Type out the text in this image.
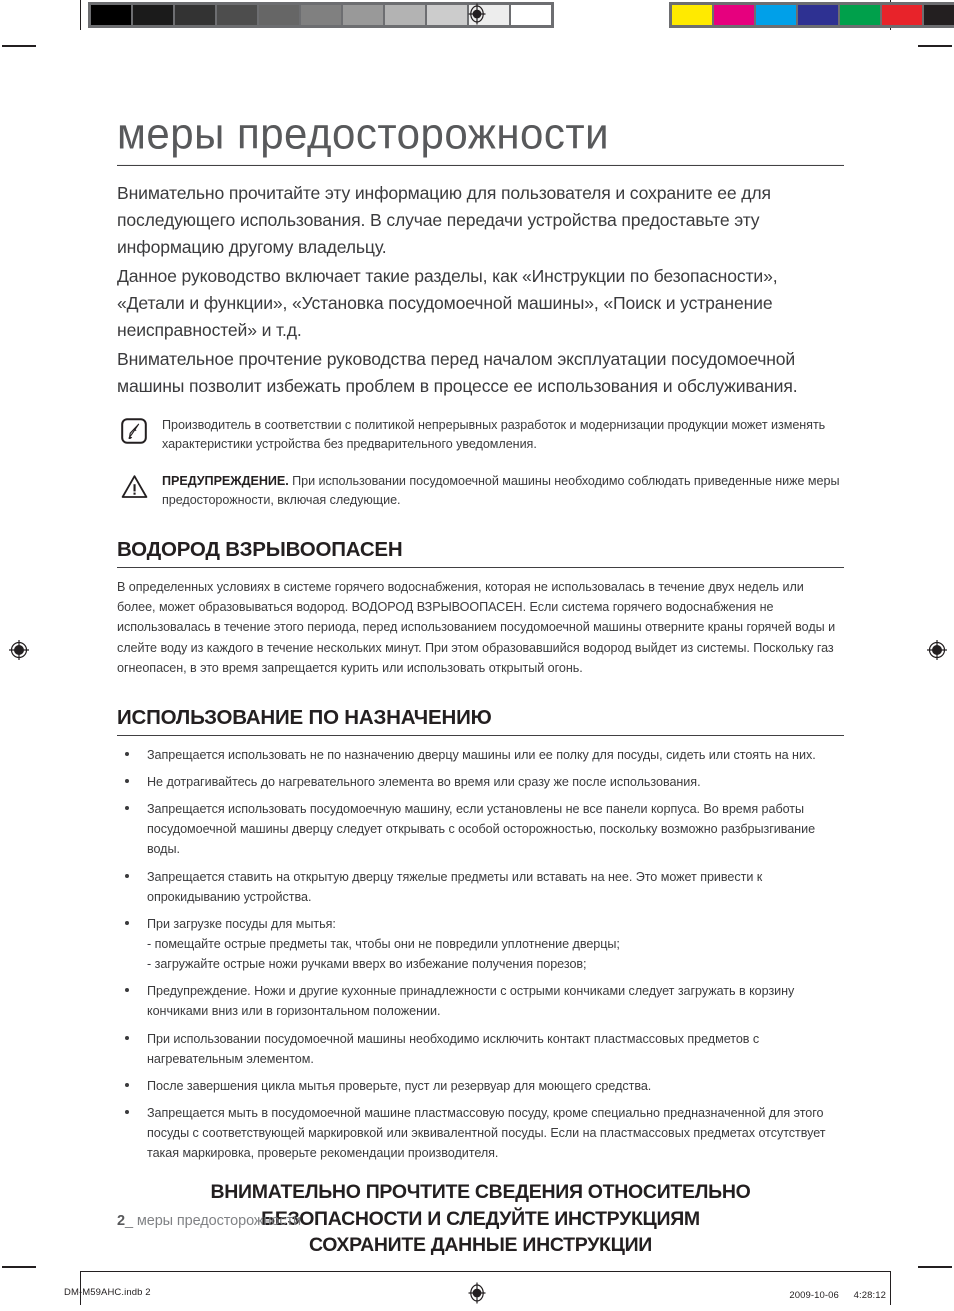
меры предосторожности

Внимательно прочитайте эту информацию для пользователя и сохраните ее для последующего использования. В случае передачи устройства предоставьте эту информацию другому владельцу.

Данное руководство включает такие разделы, как «Инструкции по безопасности», «Детали и функции», «Установка посудомоечной машины», «Поиск и устранение неисправностей» и т.д.

Внимательное прочтение руководства перед началом эксплуатации посудомоечной машины позволит избежать проблем в процессе ее использования и обслуживания.

Производитель в соответствии с политикой непрерывных разработок и модернизации продукции может изменять характеристики устройства без предварительного уведомления.
ПРЕДУПРЕЖДЕНИЕ. При использовании посудомоечной машины необходимо соблюдать приведенные ниже меры предосторожности, включая следующие.
ВОДОРОД ВЗРЫВООПАСЕН

В определенных условиях в системе горячего водоснабжения, которая не использовалась в течение двух недель или более, может образовываться водород. ВОДОРОД ВЗРЫВООПАСЕН. Если система горячего водоснабжения не использовалась в течение этого периода, перед использованием посудомоечной машины отверните краны горячей воды и слейте воду из каждого в течение нескольких минут. При этом образовавшийся водород выйдет из системы. Поскольку газ огнеопасен, в это время запрещается курить или использовать открытый огонь.

ИСПОЛЬЗОВАНИЕ ПО НАЗНАЧЕНИЮ
Запрещается использовать не по назначению дверцу машины или ее полку для посуды, сидеть или стоять на них.
Не дотрагивайтесь до нагревательного элемента во время или сразу же после использования.
Запрещается использовать посудомоечную машину, если установлены не все панели корпуса. Во время работы посудомоечной машины дверцу следует открывать с особой осторожностью, поскольку возможно разбрызгивание воды.
Запрещается ставить на открытую дверцу тяжелые предметы или вставать на нее. Это может привести к опрокидыванию устройства.
При загрузке посуды для мытья:
- помещайте острые предметы так, чтобы они не повредили уплотнение дверцы;
- загружайте острые ножи ручками вверх во избежание получения порезов;
Предупреждение. Ножи и другие кухонные принадлежности с острыми кончиками следует загружать в корзину кончиками вниз или в горизонтальном положении.
При использовании посудомоечной машины необходимо исключить контакт пластмассовых предметов с нагревательным элементом.
После завершения цикла мытья проверьте, пуст ли резервуар для моющего средства.
Запрещается мыть в посудомоечной машине пластмассовую посуду, кроме специально предназначенной для этого посуды с соответствующей маркировкой или эквивалентной посуды. Если на пластмассовых предметах отсутствует такая маркировка, проверьте рекомендации производителя.
ВНИМАТЕЛЬНО ПРОЧТИТЕ СВЕДЕНИЯ ОТНОСИТЕЛЬНО
БЕЗОПАСНОСТИ И СЛЕДУЙТЕ ИНСТРУКЦИЯМ
СОХРАНИТЕ ДАННЫЕ ИНСТРУКЦИИ
2_ меры предосторожности
DM-M59AHC.indb 2	2009-10-06 ㅤ 4:28:12
